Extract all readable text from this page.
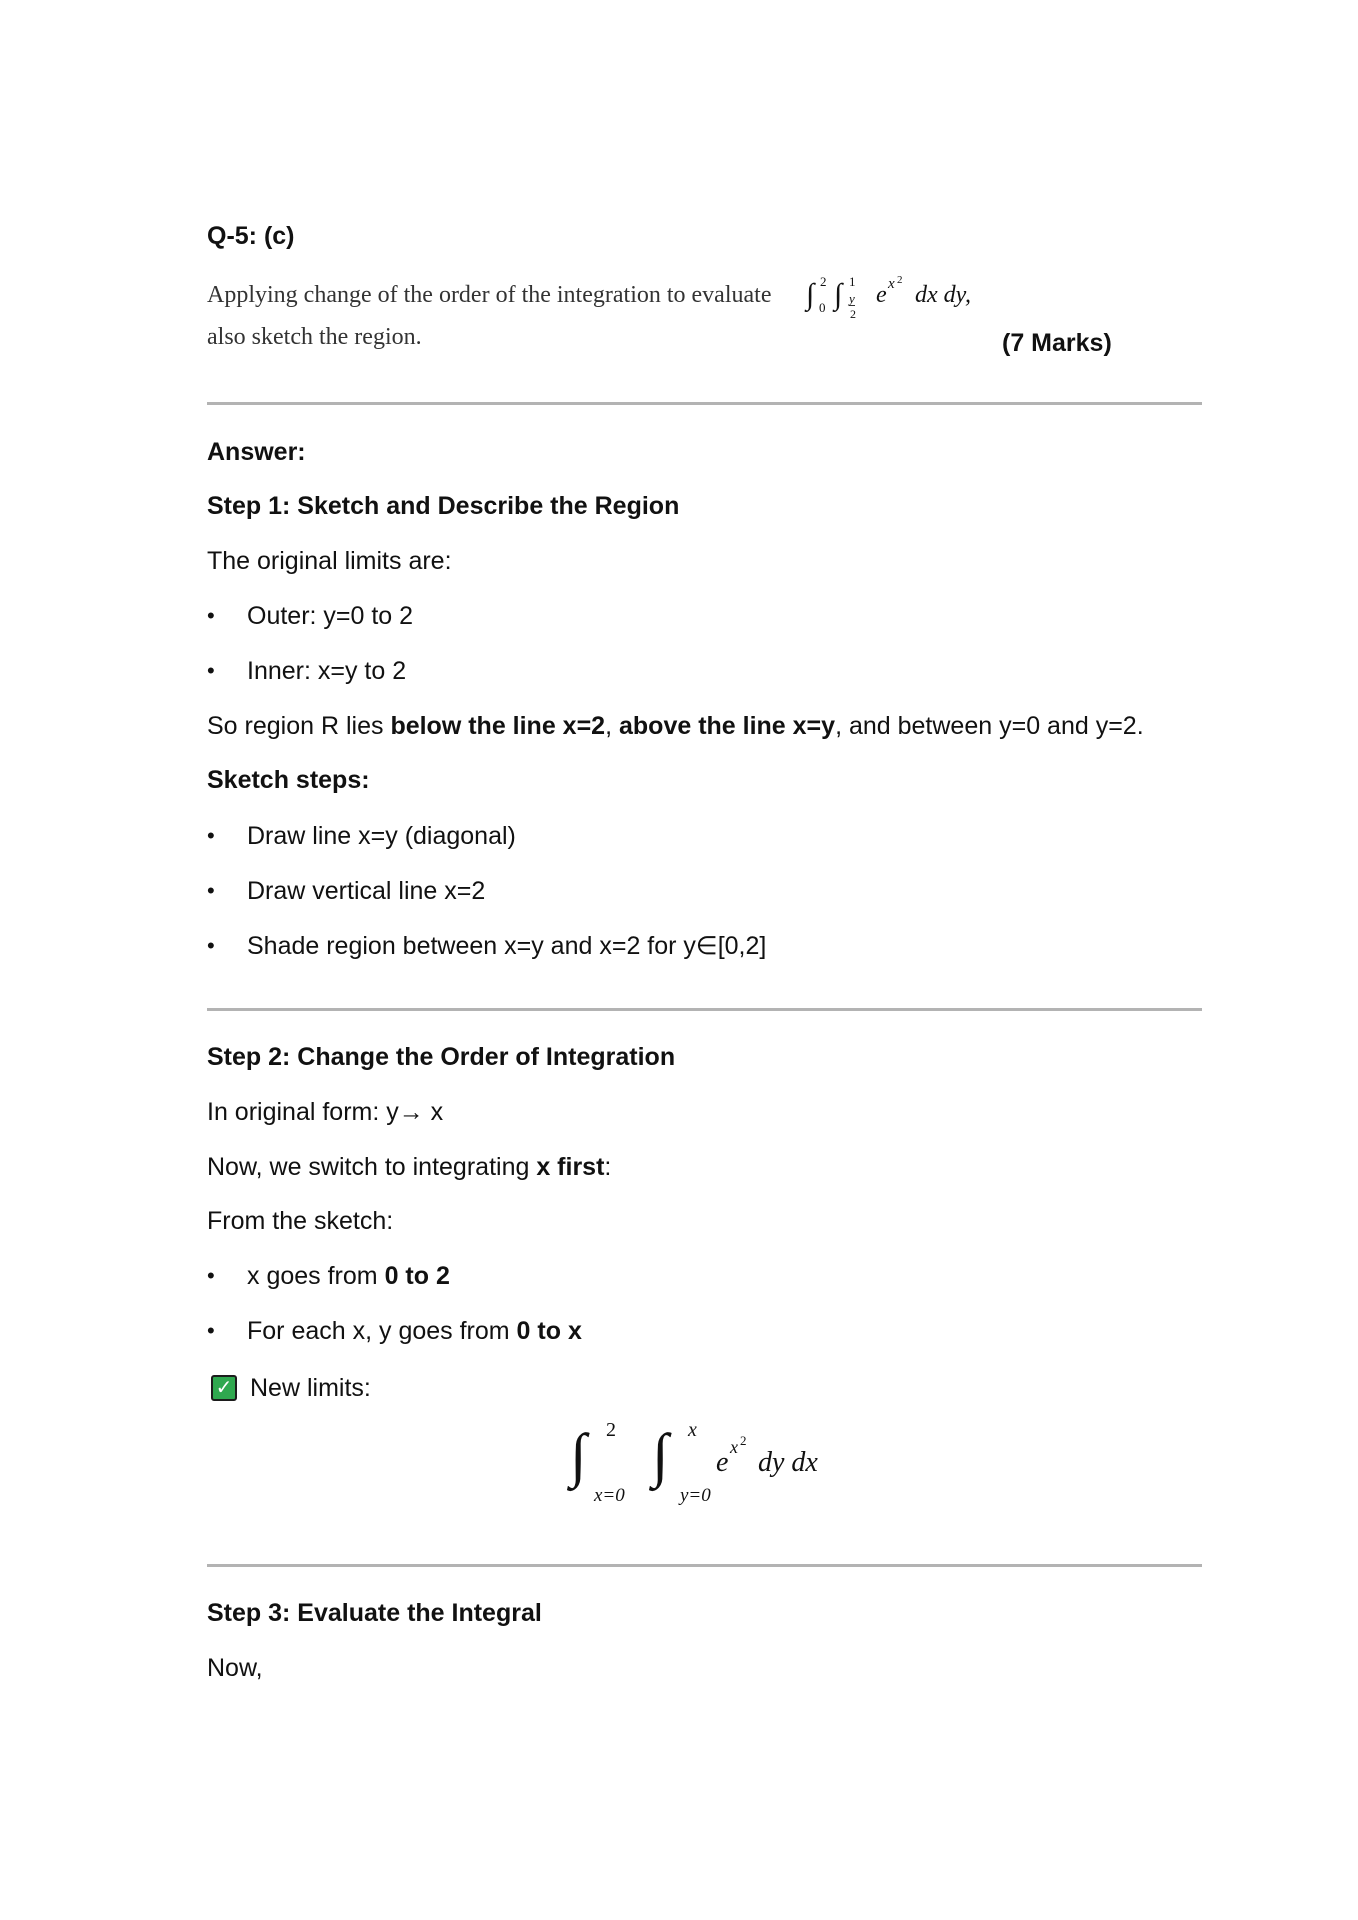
Q-5: (c)
Applying change of the order of the integration to evaluate ∫ 2
0 ∫ 1
y
2
e x 2
dx dy,
also sketch the region.	(7 Marks)
Answer:
Step 1: Sketch and Describe the Region
The original limits are:
• Outer: y=0 to 2
• Inner: x=y to 2
So region R lies below the line x=2, above the line x=y, and between y=0 and y=2.
Sketch steps:
• Draw line x=y (diagonal)
• Draw vertical line x=2
• Shade region between x=y and x=2 for y∈[0,2]
Step 2: Change the Order of Integration
In original form: y→ x
Now, we switch to integrating x first:
From the sketch:
• x goes from 0 to 2
• For each x, y goes from 0 to x
✓ New limits:
∫ 2
x=0
∫ x
y=0
e x 2
dy dx
Step 3: Evaluate the Integral
Now,
